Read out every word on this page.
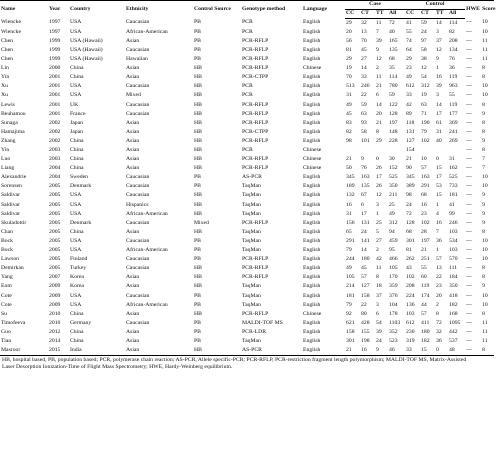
Name	Year	Country	Ethnicity	Control Source	Genotype method	Language	Case				Control				HWE	Score
							CC	CT	TT	All	CC	CT	TT	All		
Wiencke	1997	USA	Caucasian	PB	PCR	English	29	32	11	72	41	59	14	114	---	10
Wiencke	1997	USA	African-American	PB	PCR	English	20	13	7	40	55	24	3	82	---	10
Chen	1999	USA (Hawaii)	Asian	PB	PCR-RFLP	English	56	70	39	165	74	97	37	208	---	11
Chen	1999	USA (Hawaii)	Caucasian	PB	PCR-RFLP	English	81	45	9	135	64	58	12	134	---	11
Chen	1999	USA (Hawaii)	Hawaiian	PB	PCR-RFLP	English	29	27	12	68	29	38	9	76	---	11
Lin	2000	China	Asian	HB	PCR-RFLP	Chinese	19	14	2	35	23	12	1	36	---	8
Yin	2001	China	Asian	HB	PCR-CTPP	English	70	33	11	114	49	54	16	119	---	8
Xu	2001	USA	Caucasian	HB	PCR	English	513	246	21	780	612	312	39	963	---	10
Xu	2001	USA	Mixed	HB	PCR	English	31	22	6	59	33	19	3	55	---	10
Lewis	2001	UK	Caucasian	HB	PCR-RFLP	English	49	59	14	122	42	63	14	119	---	8
Beuhamou	2001	France	Caucasian	HB	PCR-RFLP	English	45	63	20	128	89	71	17	177	---	9
Sunaga	2002	Japan	Asian	HB	PCR-RFLP	English	83	93	21	197	118	190	61	369	---	8
Hamajima	2002	Japan	Asian	HB	PCR-CTPP	English	82	58	8	148	131	79	31	241	---	8
Zhang	2002	China	Asian	HB	PCR-RFLP	English	98	101	29	228	127	102	40	269	---	9
Yin	2003	China	Asian	HB	PCR	Chinese					154				---	8
Luo	2003	China	Asian	HB	PCR-RFLP	Chinese	21	9	0	30	21	10	0	31	---	7
Liang	2004	China	Asian	HB	PCR-RFLP	Chinese	50	76	26	152	90	57	15	162	---	7
Alexandrie	2004	Sweden	Caucasian	PB	AS-PCR	English	345	163	17	525	345	163	17	525	---	10
Sorensen	2005	Denmark	Caucasian	PB	TaqMan	English	189	135	26	350	389	291	53	733	---	10
Saldivar	2005	USA	Caucasian	HB	TaqMan	English	132	67	12	211	98	68	15	181	---	9
Saldivar	2005	USA	Hispanics	HB	TaqMan	English	16	6	3	25	24	16	1	41	---	9
Saldivar	2005	USA	African-American	HB	TaqMan	English	31	17	1	49	72	23	4	99	---	9
Skuladottir	2005	Denmark	Caucasian	Mixed	PCR-RFLP	English	156	131	25	312	128	102	16	246	---	9
Chan	2005	China	Asian	HB	TaqMan	English	65	24	5	94	68	28	7	103	---	8
Bock	2005	USA	Caucasian	PB	TaqMan	English	291	141	27	459	301	197	36	534	---	10
Bock	2005	USA	African-American	PB	TaqMan	English	79	14	2	95	81	21	1	103	---	10
Lawson	2005	Finland	Caucasian	PB	PCR-RFLP	English	244	180	42	466	262	251	57	570	---	10
Demirkan	2005	Turkey	Caucasian	HB	PCR-RFLP	English	49	45	11	105	43	55	13	111	---	8
Yang	2007	Korea	Asian	HB	PCR-RFLP	English	105	57	8	170	102	60	22	184	---	8
Eom	2009	Korea	Asian	HB	TaqMan	English	214	127	18	359	208	119	23	350	---	9
Cote	2009	USA	Caucasian	PB	TaqMan	English	181	158	37	376	224	174	20	418	---	10
Cote	2009	USA	African-American	PB	TaqMan	English	79	22	3	104	136	44	2	182	---	10
Su	2010	China	Asian	HB	PCR-RFLP	Chinese	92	80	6	178	103	57	8	168	---	8
Timofeeva	2010	Germany	Caucasian	PB	MALDI-TOF MS	English	621	428	54	1103	612	411	72	1095	---	11
Guo	2012	China	Asian	PB	PCR-LDR	English	158	155	39	352	230	180	32	442	---	11
Tian	2014	China	Asian	PB	TaqMan	English	301	198	24	523	319	182	36	537	---	11
Masroor	2015	India	Asian	HB	AS-PCR	English	21	16	9	46	33	15	0	48	---	8
HB, hospital based, PB, population based; PCR, polymerase chain reaction; AS-PCR, Allele specific-PCR; PCR-RFLP, PCR-restriction fragment length polymorphism; MALDI-TOF MS, Matrix-Assisted Laser Desorption Ionization-Time of Flight Mass Spectrometry; HWE, Hardy-Weinberg equilibrium.
